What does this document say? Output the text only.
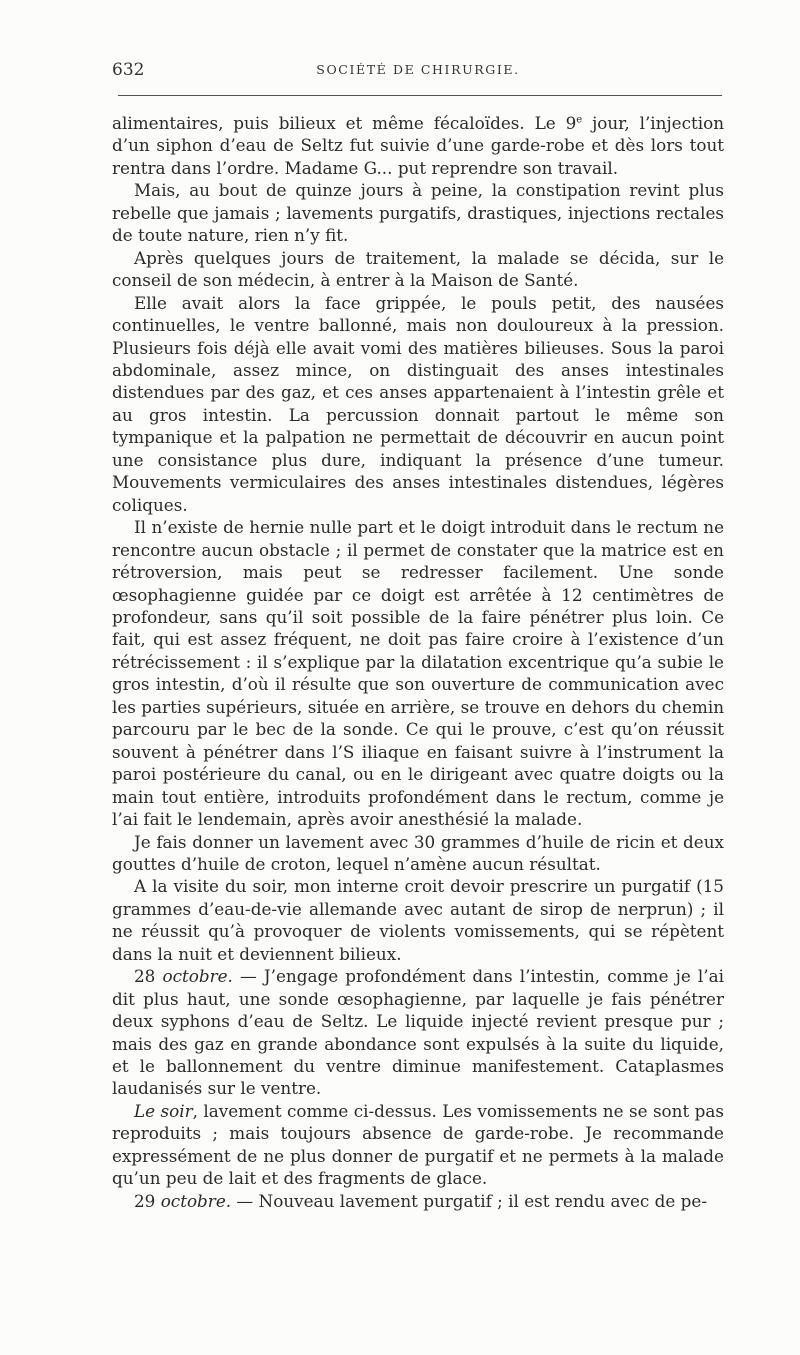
632	SOCIÉTÉ DE CHIRURGIE.

alimentaires, puis bilieux et même fécaloïdes. Le 9e jour, l’injection d’un siphon d’eau de Seltz fut suivie d’une garde-robe et dès lors tout rentra dans l’ordre. Madame G... put reprendre son travail.

Mais, au bout de quinze jours à peine, la constipation revint plus rebelle que jamais ; lavements purgatifs, drastiques, injections rectales de toute nature, rien n’y fit.

Après quelques jours de traitement, la malade se décida, sur le conseil de son médecin, à entrer à la Maison de Santé.

Elle avait alors la face grippée, le pouls petit, des nausées continuelles, le ventre ballonné, mais non douloureux à la pression. Plusieurs fois déjà elle avait vomi des matières bilieuses. Sous la paroi abdominale, assez mince, on distinguait des anses intestinales distendues par des gaz, et ces anses appartenaient à l’intestin grêle et au gros intestin. La percussion donnait partout le même son tympanique et la palpation ne permettait de découvrir en aucun point une consistance plus dure, indiquant la présence d’une tumeur. Mouvements vermiculaires des anses intestinales distendues, légères coliques.

Il n’existe de hernie nulle part et le doigt introduit dans le rectum ne rencontre aucun obstacle ; il permet de constater que la matrice est en rétroversion, mais peut se redresser facilement. Une sonde œsophagienne guidée par ce doigt est arrêtée à 12 centimètres de profondeur, sans qu’il soit possible de la faire pénétrer plus loin. Ce fait, qui est assez fréquent, ne doit pas faire croire à l’existence d’un rétrécissement : il s’explique par la dilatation excentrique qu’a subie le gros intestin, d’où il résulte que son ouverture de communication avec les parties supérieurs, située en arrière, se trouve en dehors du chemin parcouru par le bec de la sonde. Ce qui le prouve, c’est qu’on réussit souvent à pénétrer dans l’S iliaque en faisant suivre à l’instrument la paroi postérieure du canal, ou en le dirigeant avec quatre doigts ou la main tout entière, introduits profondément dans le rectum, comme je l’ai fait le lendemain, après avoir anesthésié la malade.

Je fais donner un lavement avec 30 grammes d’huile de ricin et deux gouttes d’huile de croton, lequel n’amène aucun résultat.

A la visite du soir, mon interne croit devoir prescrire un purgatif (15 grammes d’eau-de-vie allemande avec autant de sirop de nerprun) ; il ne réussit qu’à provoquer de violents vomissements, qui se répètent dans la nuit et deviennent bilieux.

28 octobre. — J’engage profondément dans l’intestin, comme je l’ai dit plus haut, une sonde œsophagienne, par laquelle je fais pénétrer deux syphons d’eau de Seltz. Le liquide injecté revient presque pur ; mais des gaz en grande abondance sont expulsés à la suite du liquide, et le ballonnement du ventre diminue manifestement. Cataplasmes laudanisés sur le ventre.

Le soir, lavement comme ci-dessus. Les vomissements ne se sont pas reproduits ; mais toujours absence de garde-robe. Je recommande expressément de ne plus donner de purgatif et ne permets à la malade qu’un peu de lait et des fragments de glace.

29 octobre. — Nouveau lavement purgatif ; il est rendu avec de pe-
